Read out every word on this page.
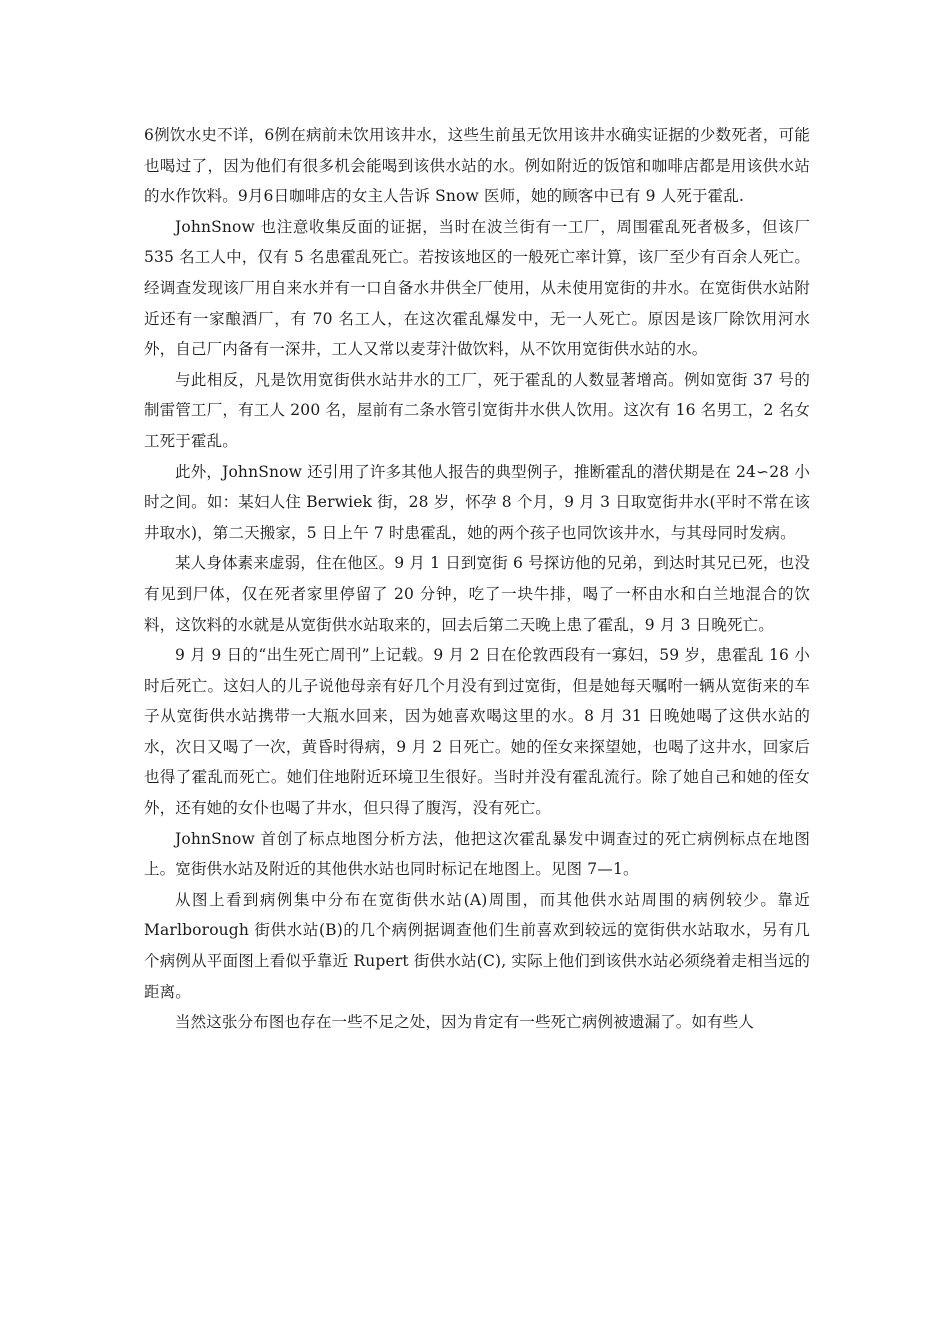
6例饮水史不详，6例在病前未饮用该井水，这些生前虽无饮用该井水确实证据的少数死者，可能也喝过了，因为他们有很多机会能喝到该供水站的水。例如附近的饭馆和咖啡店都是用该供水站的水作饮料。9月6日咖啡店的女主人告诉 Snow 医师，她的顾客中已有 9 人死于霍乱.

JohnSnow 也注意收集反面的证据，当时在波兰街有一工厂，周围霍乱死者极多，但该厂 535 名工人中，仅有 5 名患霍乱死亡。若按该地区的一般死亡率计算，该厂至少有百余人死亡。经调查发现该厂用自来水并有一口自备水井供全厂使用，从未使用宽街的井水。在宽街供水站附近还有一家酿酒厂，有 70 名工人，在这次霍乱爆发中，无一人死亡。原因是该厂除饮用河水外，自己厂内备有一深井，工人又常以麦芽汁做饮料，从不饮用宽街供水站的水。

与此相反，凡是饮用宽街供水站井水的工厂，死于霍乱的人数显著增高。例如宽街 37 号的制雷管工厂，有工人 200 名，屋前有二条水管引宽街井水供人饮用。这次有 16 名男工，2 名女工死于霍乱。

此外，JohnSnow 还引用了许多其他人报告的典型例子，推断霍乱的潜伏期是在 24∽28 小时之间。如：某妇人住 Berwiek 街，28 岁，怀孕 8 个月，9 月 3 日取宽街井水(平时不常在该井取水)，第二天搬家，5 日上午 7 时患霍乱，她的两个孩子也同饮该井水，与其母同时发病。

某人身体素来虚弱，住在他区。9 月 1 日到宽街 6 号探访他的兄弟，到达时其兄已死，也没有见到尸体，仅在死者家里停留了 20 分钟，吃了一块牛排，喝了一杯由水和白兰地混合的饮料，这饮料的水就是从宽街供水站取来的，回去后第二天晚上患了霍乱，9 月 3 日晚死亡。

9 月 9 日的“出生死亡周刊”上记载。9 月 2 日在伦敦西段有一寡妇，59 岁，患霍乱 16 小时后死亡。这妇人的儿子说他母亲有好几个月没有到过宽街，但是她每天嘱咐一辆从宽街来的车子从宽街供水站携带一大瓶水回来，因为她喜欢喝这里的水。8 月 31 日晚她喝了这供水站的水，次日又喝了一次，黄昏时得病，9 月 2 日死亡。她的侄女来探望她，也喝了这井水，回家后也得了霍乱而死亡。她们住地附近环境卫生很好。当时并没有霍乱流行。除了她自己和她的侄女外，还有她的女仆也喝了井水，但只得了腹泻，没有死亡。

JohnSnow 首创了标点地图分析方法，他把这次霍乱暴发中调查过的死亡病例标点在地图上。宽街供水站及附近的其他供水站也同时标记在地图上。见图 7—1。

从图上看到病例集中分布在宽街供水站(A)周围，而其他供水站周围的病例较少。靠近 Marlborough 街供水站(B)的几个病例据调查他们生前喜欢到较远的宽街供水站取水，另有几个病例从平面图上看似乎靠近 Rupert 街供水站(C), 实际上他们到该供水站必须绕着走相当远的距离。

当然这张分布图也存在一些不足之处，因为肯定有一些死亡病例被遗漏了。如有些人
